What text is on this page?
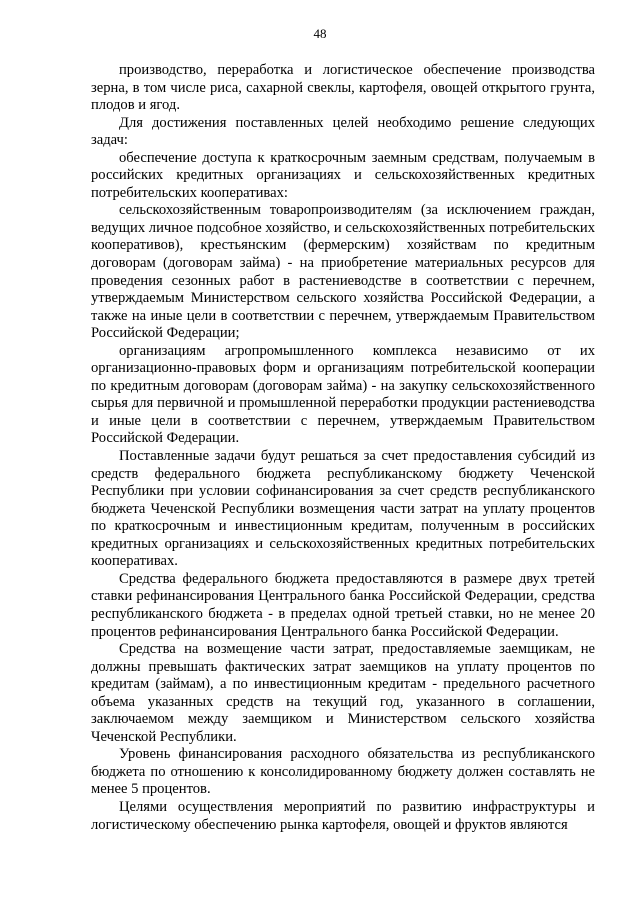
48

производство, переработка и логистическое обеспечение производства зерна, в том числе риса, сахарной свеклы, картофеля, овощей открытого грунта, плодов и ягод.

Для достижения поставленных целей необходимо решение следующих задач:

обеспечение доступа к краткосрочным заемным средствам, получаемым в российских кредитных организациях и сельскохозяйственных кредитных потребительских кооперативах:

сельскохозяйственным товаропроизводителям (за исключением граждан, ведущих личное подсобное хозяйство, и сельскохозяйственных потребительских кооперативов), крестьянским (фермерским) хозяйствам по кредитным договорам (договорам займа) - на приобретение материальных ресурсов для проведения сезонных работ в растениеводстве в соответствии с перечнем, утверждаемым Министерством сельского хозяйства Российской Федерации, а также на иные цели в соответствии с перечнем, утверждаемым Правительством Российской Федерации;

организациям агропромышленного комплекса независимо от их организационно-правовых форм и организациям потребительской кооперации по кредитным договорам (договорам займа) - на закупку сельскохозяйственного сырья для первичной и промышленной переработки продукции растениеводства и иные цели в соответствии с перечнем, утверждаемым Правительством Российской Федерации.

Поставленные задачи будут решаться за счет предоставления субсидий из средств федерального бюджета республиканскому бюджету Чеченской Республики при условии софинансирования за счет средств республиканского бюджета Чеченской Республики возмещения части затрат на уплату процентов по краткосрочным и инвестиционным кредитам, полученным в российских кредитных организациях и сельскохозяйственных кредитных потребительских кооперативах.

Средства федерального бюджета предоставляются в размере двух третей ставки рефинансирования Центрального банка Российской Федерации, средства республиканского бюджета - в пределах одной третьей ставки, но не менее 20 процентов рефинансирования Центрального банка Российской Федерации.

Средства на возмещение части затрат, предоставляемые заемщикам, не должны превышать фактических затрат заемщиков на уплату процентов по кредитам (займам), а по инвестиционным кредитам - предельного расчетного объема указанных средств на текущий год, указанного в соглашении, заключаемом между заемщиком и Министерством сельского хозяйства Чеченской Республики.

Уровень финансирования расходного обязательства из республиканского бюджета по отношению к консолидированному бюджету должен составлять не менее 5 процентов.

Целями осуществления мероприятий по развитию инфраструктуры и логистическому обеспечению рынка картофеля, овощей и фруктов являются
